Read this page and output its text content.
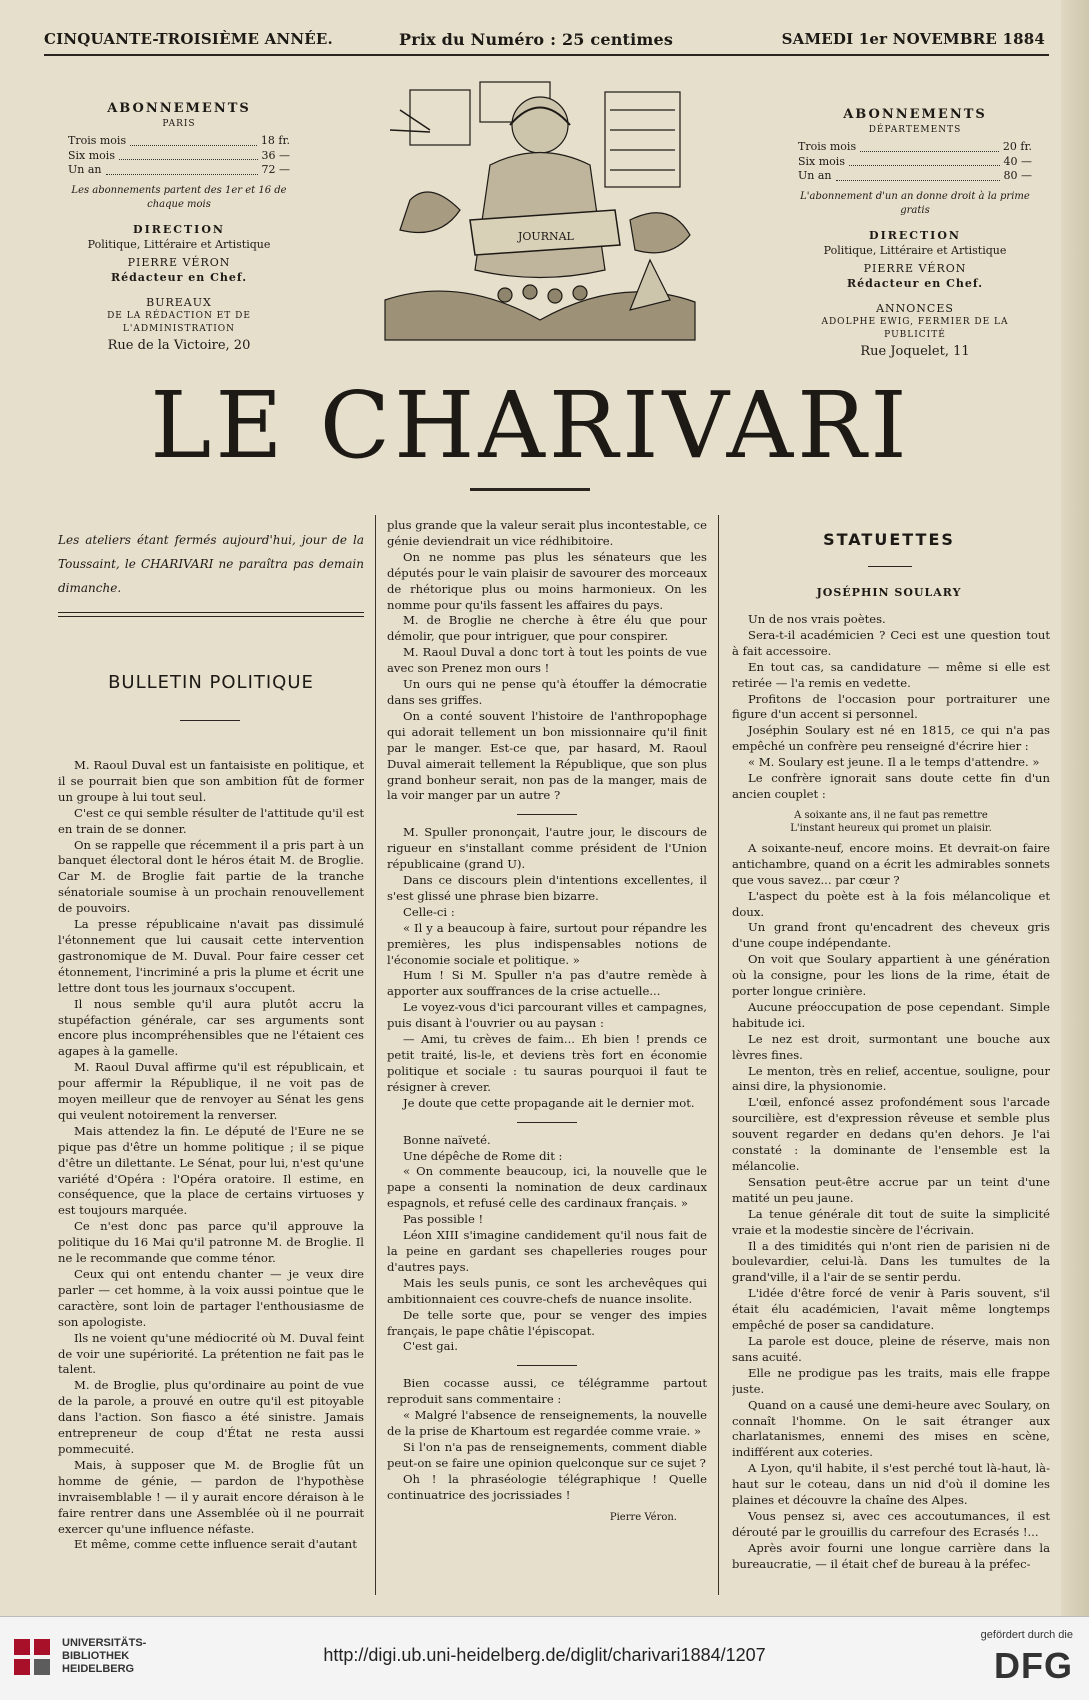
CINQUANTE-TROISIÈME ANNÉE.	Prix du Numéro : 25 centimes	SAMEDI 1er NOVEMBRE 1884
ABONNEMENTS
PARIS
Trois mois	18 fr.
Six mois	36 —
Un an	72 —
Les abonnements partent des 1er et 16 de chaque mois
DIRECTION
Politique, Littéraire et Artistique
PIERRE VÉRON
Rédacteur en Chef.
BUREAUX
DE LA RÉDACTION ET DE L'ADMINISTRATION
Rue de la Victoire, 20
JOURNAL
ABONNEMENTS
DÉPARTEMENTS
Trois mois	20 fr.
Six mois	40 —
Un an	80 —
L'abonnement d'un an donne droit à la prime gratis
DIRECTION
Politique, Littéraire et Artistique
PIERRE VÉRON
Rédacteur en Chef.
ANNONCES
ADOLPHE EWIG, FERMIER DE LA PUBLICITÉ
Rue Joquelet, 11
LE CHARIVARI
Les ateliers étant fermés aujourd'hui, jour de la Toussaint, le CHARIVARI ne paraîtra pas demain dimanche.
BULLETIN POLITIQUE

M. Raoul Duval est un fantaisiste en politique, et il se pourrait bien que son ambition fût de former un groupe à lui tout seul.

C'est ce qui semble résulter de l'attitude qu'il est en train de se donner.

On se rappelle que récemment il a pris part à un banquet électoral dont le héros était M. de Broglie. Car M. de Broglie fait partie de la tranche sénatoriale soumise à un prochain renouvellement de pouvoirs.

La presse républicaine n'avait pas dissimulé l'étonnement que lui causait cette intervention gastronomique de M. Duval. Pour faire cesser cet étonnement, l'incriminé a pris la plume et écrit une lettre dont tous les journaux s'occupent.

Il nous semble qu'il aura plutôt accru la stupéfaction générale, car ses arguments sont encore plus incompréhensibles que ne l'étaient ces agapes à la gamelle.

M. Raoul Duval affirme qu'il est républicain, et pour affermir la République, il ne voit pas de moyen meilleur que de renvoyer au Sénat les gens qui veulent notoirement la renverser.

Mais attendez la fin. Le député de l'Eure ne se pique pas d'être un homme politique ; il se pique d'être un dilettante. Le Sénat, pour lui, n'est qu'une variété d'Opéra : l'Opéra oratoire. Il estime, en conséquence, que la place de certains virtuoses y est toujours marquée.

Ce n'est donc pas parce qu'il approuve la politique du 16 Mai qu'il patronne M. de Broglie. Il ne le recommande que comme ténor.

Ceux qui ont entendu chanter — je veux dire parler — cet homme, à la voix aussi pointue que le caractère, sont loin de partager l'enthousiasme de son apologiste.

Ils ne voient qu'une médiocrité où M. Duval feint de voir une supériorité. La prétention ne fait pas le talent.

M. de Broglie, plus qu'ordinaire au point de vue de la parole, a prouvé en outre qu'il est pitoyable dans l'action. Son fiasco a été sinistre. Jamais entrepreneur de coup d'État ne resta aussi pommecuité.

Mais, à supposer que M. de Broglie fût un homme de génie, — pardon de l'hypothèse invraisemblable ! — il y aurait encore déraison à le faire rentrer dans une Assemblée où il ne pourrait exercer qu'une influence néfaste.

Et même, comme cette influence serait d'autant

plus grande que la valeur serait plus incontestable, ce génie deviendrait un vice rédhibitoire.

On ne nomme pas plus les sénateurs que les députés pour le vain plaisir de savourer des morceaux de rhétorique plus ou moins harmonieux. On les nomme pour qu'ils fassent les affaires du pays.

M. de Broglie ne cherche à être élu que pour démolir, que pour intriguer, que pour conspirer.

M. Raoul Duval a donc tort à tout les points de vue avec son Prenez mon ours !

Un ours qui ne pense qu'à étouffer la démocratie dans ses griffes.

On a conté souvent l'histoire de l'anthropophage qui adorait tellement un bon missionnaire qu'il finit par le manger. Est-ce que, par hasard, M. Raoul Duval aimerait tellement la République, que son plus grand bonheur serait, non pas de la manger, mais de la voir manger par un autre ?

M. Spuller prononçait, l'autre jour, le discours de rigueur en s'installant comme président de l'Union républicaine (grand U).

Dans ce discours plein d'intentions excellentes, il s'est glissé une phrase bien bizarre.

Celle-ci :

« Il y a beaucoup à faire, surtout pour répandre les premières, les plus indispensables notions de l'économie sociale et politique. »

Hum ! Si M. Spuller n'a pas d'autre remède à apporter aux souffrances de la crise actuelle...

Le voyez-vous d'ici parcourant villes et campagnes, puis disant à l'ouvrier ou au paysan :

— Ami, tu crèves de faim... Eh bien ! prends ce petit traité, lis-le, et deviens très fort en économie politique et sociale : tu sauras pourquoi il faut te résigner à crever.

Je doute que cette propagande ait le dernier mot.

Bonne naïveté.

Une dépêche de Rome dit :

« On commente beaucoup, ici, la nouvelle que le pape a consenti la nomination de deux cardinaux espagnols, et refusé celle des cardinaux français. »

Pas possible !

Léon XIII s'imagine candidement qu'il nous fait de la peine en gardant ses chapelleries rouges pour d'autres pays.

Mais les seuls punis, ce sont les archevêques qui ambitionnaient ces couvre-chefs de nuance insolite.

De telle sorte que, pour se venger des impies français, le pape châtie l'épiscopat.

C'est gai.

Bien cocasse aussi, ce télégramme partout reproduit sans commentaire :

« Malgré l'absence de renseignements, la nouvelle de la prise de Khartoum est regardée comme vraie. »

Si l'on n'a pas de renseignements, comment diable peut-on se faire une opinion quelconque sur ce sujet ?

Oh ! la phraséologie télégraphique ! Quelle continuatrice des jocrissiades !

Pierre Véron.
STATUETTES
JOSÉPHIN SOULARY

Un de nos vrais poètes.

Sera-t-il académicien ? Ceci est une question tout à fait accessoire.

En tout cas, sa candidature — même si elle est retirée — l'a remis en vedette.

Profitons de l'occasion pour portraiturer une figure d'un accent si personnel.

Joséphin Soulary est né en 1815, ce qui n'a pas empêché un confrère peu renseigné d'écrire hier :

« M. Soulary est jeune. Il a le temps d'attendre. »

Le confrère ignorait sans doute cette fin d'un ancien couplet :

A soixante ans, il ne faut pas remettre
L'instant heureux qui promet un plaisir.

A soixante-neuf, encore moins. Et devrait-on faire antichambre, quand on a écrit les admirables sonnets que vous savez... par cœur ?

L'aspect du poète est à la fois mélancolique et doux.

Un grand front qu'encadrent des cheveux gris d'une coupe indépendante.

On voit que Soulary appartient à une génération où la consigne, pour les lions de la rime, était de porter longue crinière.

Aucune préoccupation de pose cependant. Simple habitude ici.

Le nez est droit, surmontant une bouche aux lèvres fines.

Le menton, très en relief, accentue, souligne, pour ainsi dire, la physionomie.

L'œil, enfoncé assez profondément sous l'arcade sourcilière, est d'expression rêveuse et semble plus souvent regarder en dedans qu'en dehors. Je l'ai constaté : la dominante de l'ensemble est la mélancolie.

Sensation peut-être accrue par un teint d'une matité un peu jaune.

La tenue générale dit tout de suite la simplicité vraie et la modestie sincère de l'écrivain.

Il a des timidités qui n'ont rien de parisien ni de boulevardier, celui-là. Dans les tumultes de la grand'ville, il a l'air de se sentir perdu.

L'idée d'être forcé de venir à Paris souvent, s'il était élu académicien, l'avait même longtemps empêché de poser sa candidature.

La parole est douce, pleine de réserve, mais non sans acuité.

Elle ne prodigue pas les traits, mais elle frappe juste.

Quand on a causé une demi-heure avec Soulary, on connaît l'homme. On le sait étranger aux charlatanismes, ennemi des mises en scène, indifférent aux coteries.

A Lyon, qu'il habite, il s'est perché tout là-haut, là-haut sur le coteau, dans un nid d'où il domine les plaines et découvre la chaîne des Alpes.

Vous pensez si, avec ces accoutumances, il est dérouté par le grouillis du carrefour des Ecrasés !...

Après avoir fourni une longue carrière dans la bureaucratie, — il était chef de bureau à la préfec-

UNIVERSITÄTS-
BIBLIOTHEK
HEIDELBERG
http://digi.ub.uni-heidelberg.de/diglit/charivari1884/1207
gefördert durch die
DFG
